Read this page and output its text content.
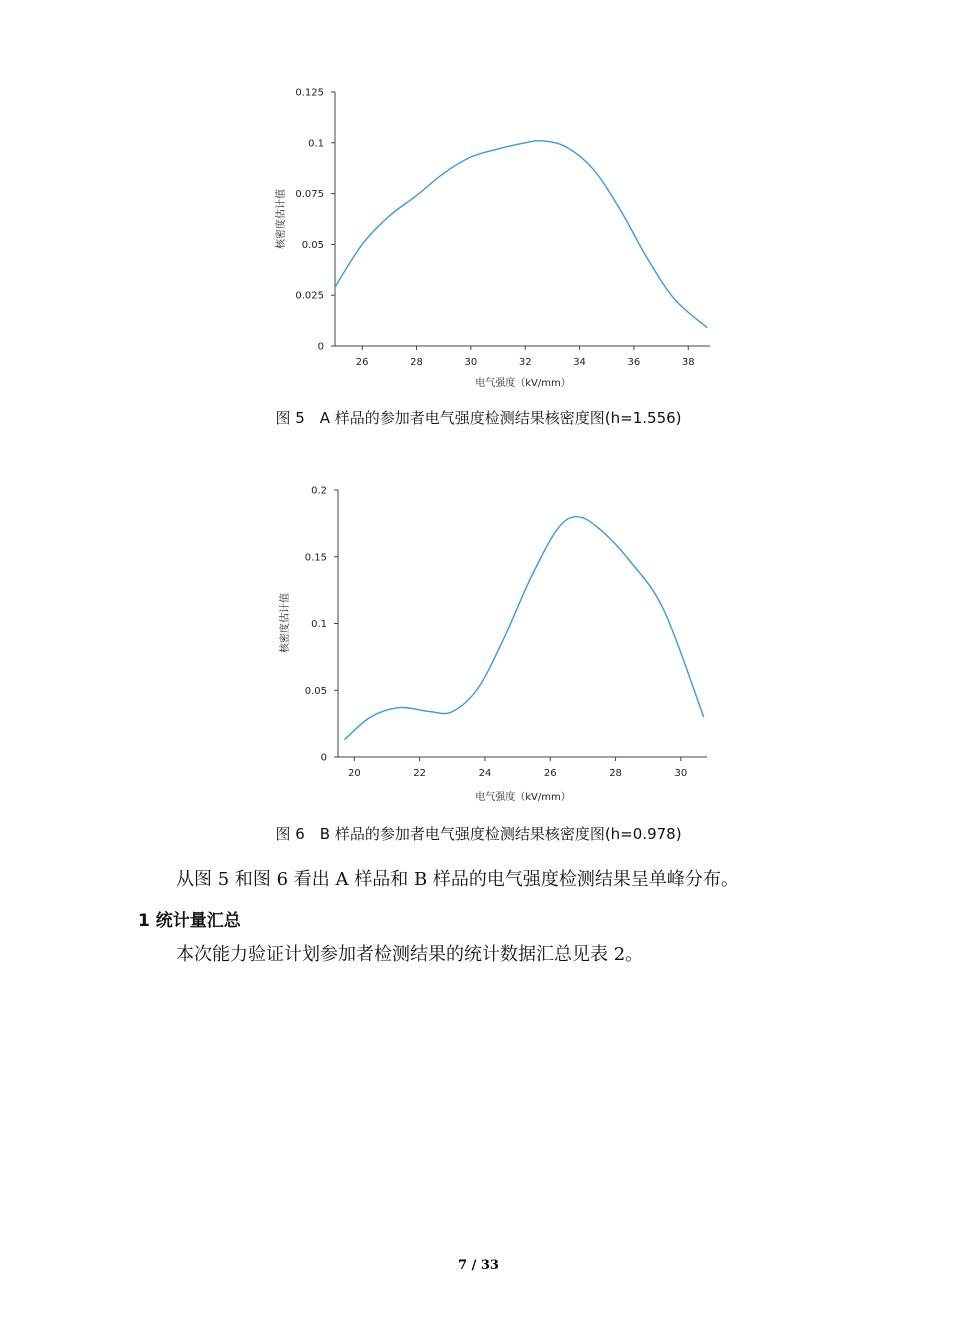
0
0.025
0.05
0.075
0.1
0.125
26	28	30	32	34	36	38
电气强度（kV/mm）
核密度估计值
0
0.05
0.1
0.15
0.2
20	22	24	26	28	30
电气强度（kV/mm）
核密度估计值
图 5　A 样品的参加者电气强度检测结果核密度图(h=1.556)
图 6　B 样品的参加者电气强度检测结果核密度图(h=0.978)
从图 5 和图 6 看出 A 样品和 B 样品的电气强度检测结果呈单峰分布。
1 统计量汇总
本次能力验证计划参加者检测结果的统计数据汇总见表 2。
7 / 33
